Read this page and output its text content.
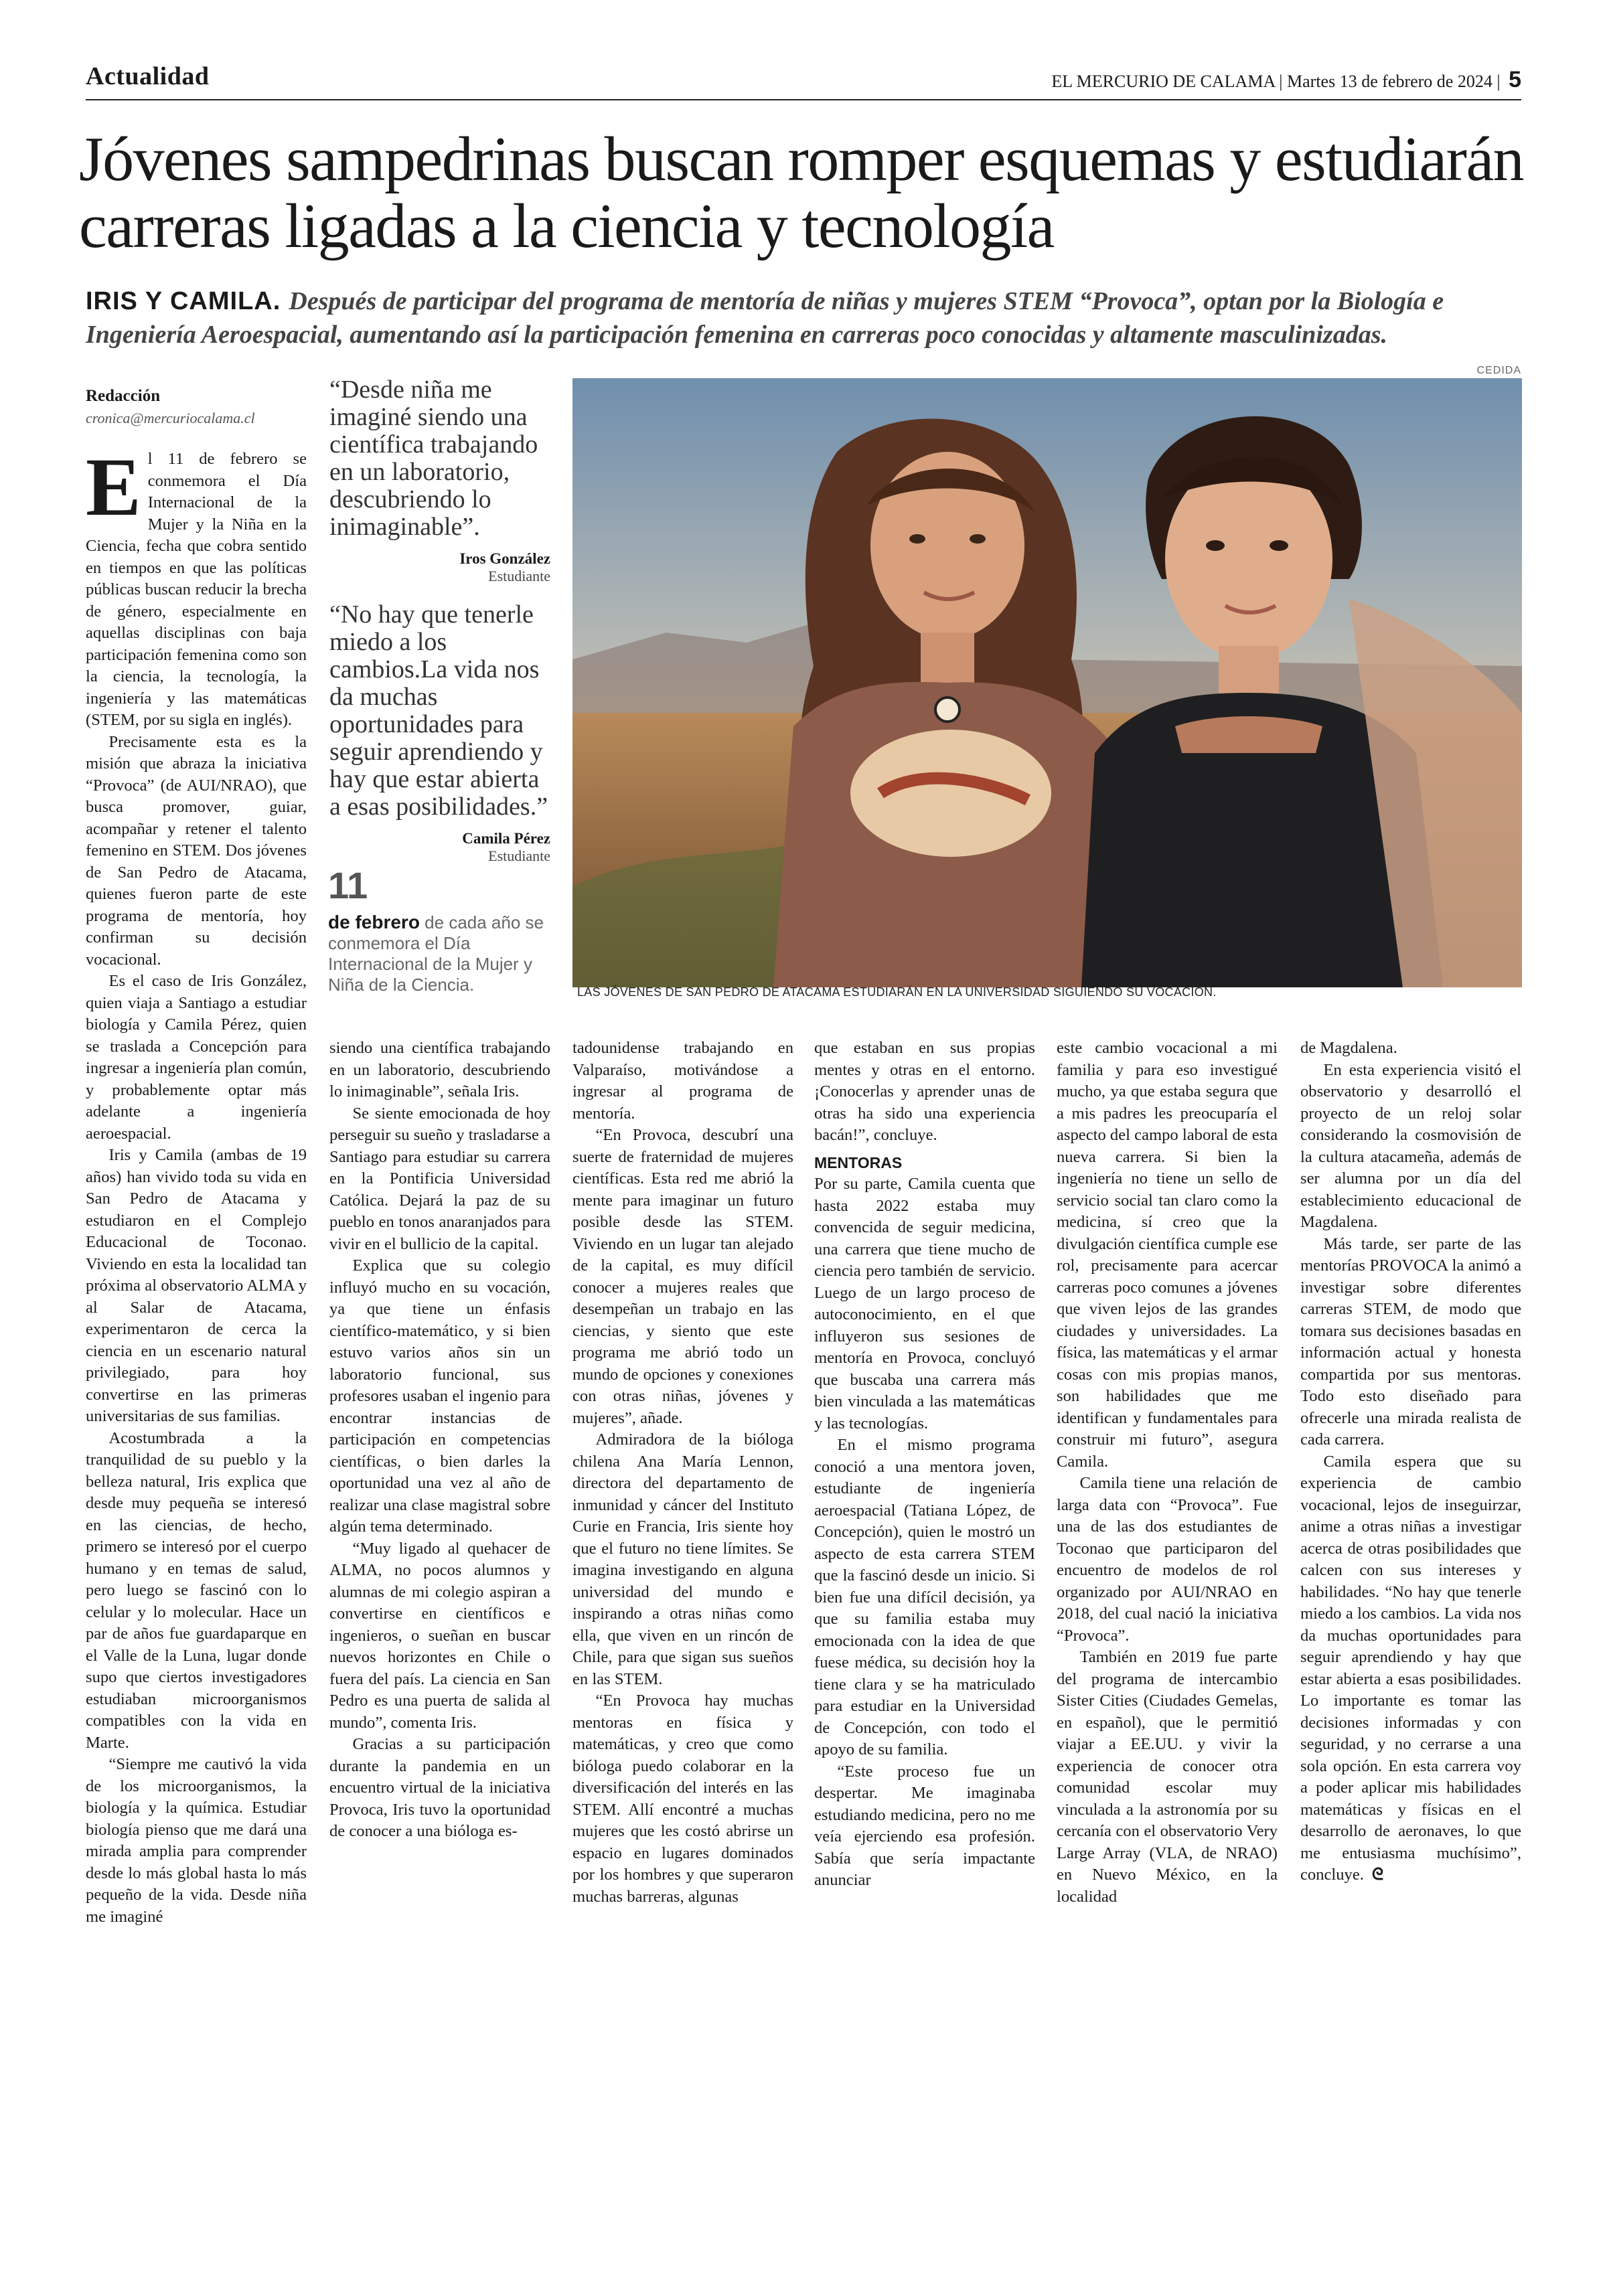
Actualidad	EL MERCURIO DE CALAMA | Martes 13 de febrero de 2024 | 5
Jóvenes sampedrinas buscan romper esquemas y estudiarán carreras ligadas a la ciencia y tecnología
IRIS Y CAMILA. Después de participar del programa de mentoría de niñas y mujeres STEM “Provoca”, optan por la Biología e Ingeniería Aeroespacial, aumentando así la participación femenina en carreras poco conocidas y altamente masculinizadas.
Redacción
cronica@mercuriocalama.cl
“Desde niña me imaginé siendo una científica trabajando en un laboratorio, descubriendo lo inimaginable”.
Iros González
Estudiante
“No hay que tenerle miedo a los cambios.La vida nos da muchas oportunidades para seguir aprendiendo y hay que estar abierta a esas posibilidades.”
Camila Pérez
Estudiante
11
de febrero de cada año se conmemora el Día Internacional de la Mujer y Niña de la Ciencia.
CEDIDA
LAS JÓVENES DE SAN PEDRO DE ATACAMA ESTUDIARÁN EN LA UNIVERSIDAD SIGUIENDO SU VOCACIÓN.

El 11 de febrero se conmemora el Día Internacional de la Mujer y la Niña en la Ciencia, fecha que cobra sentido en tiempos en que las políticas públicas buscan reducir la brecha de género, especialmente en aquellas disciplinas con baja participación femenina como son la ciencia, la tecnología, la ingeniería y las matemáticas (STEM, por su sigla en inglés).

Precisamente esta es la misión que abraza la iniciativa “Provoca” (de AUI/NRAO), que busca promover, guiar, acompañar y retener el talento femenino en STEM. Dos jóvenes de San Pedro de Atacama, quienes fueron parte de este programa de mentoría, hoy confirman su decisión vocacional.

Es el caso de Iris González, quien viaja a Santiago a estudiar biología y Camila Pérez, quien se traslada a Concepción para ingresar a ingeniería plan común, y probablemente optar más adelante a ingeniería aeroespacial.

Iris y Camila (ambas de 19 años) han vivido toda su vida en San Pedro de Atacama y estudiaron en el Complejo Educacional de Toconao. Viviendo en esta la localidad tan próxima al observatorio ALMA y al Salar de Atacama, experimentaron de cerca la ciencia en un escenario natural privilegiado, para hoy convertirse en las primeras universitarias de sus familias.

Acostumbrada a la tranquilidad de su pueblo y la belleza natural, Iris explica que desde muy pequeña se interesó en las ciencias, de hecho, primero se interesó por el cuerpo humano y en temas de salud, pero luego se fascinó con lo celular y lo molecular. Hace un par de años fue guardaparque en el Valle de la Luna, lugar donde supo que ciertos investigadores estudiaban microorganismos compatibles con la vida en Marte.

“Siempre me cautivó la vida de los microorganismos, la biología y la química. Estudiar biología pienso que me dará una mirada amplia para comprender desde lo más global hasta lo más pequeño de la vida. Desde niña me imaginé

siendo una científica trabajando en un laboratorio, descubriendo lo inimaginable”, señala Iris.

Se siente emocionada de hoy perseguir su sueño y trasladarse a Santiago para estudiar su carrera en la Pontificia Universidad Católica. Dejará la paz de su pueblo en tonos anaranjados para vivir en el bullicio de la capital.

Explica que su colegio influyó mucho en su vocación, ya que tiene un énfasis científico-matemático, y si bien estuvo varios años sin un laboratorio funcional, sus profesores usaban el ingenio para encontrar instancias de participación en competencias científicas, o bien darles la oportunidad una vez al año de realizar una clase magistral sobre algún tema determinado.

“Muy ligado al quehacer de ALMA, no pocos alumnos y alumnas de mi colegio aspiran a convertirse en científicos e ingenieros, o sueñan en buscar nuevos horizontes en Chile o fuera del país. La ciencia en San Pedro es una puerta de salida al mundo”, comenta Iris.

Gracias a su participación durante la pandemia en un encuentro virtual de la iniciativa Provoca, Iris tuvo la oportunidad de conocer a una bióloga es-

tadounidense trabajando en Valparaíso, motivándose a ingresar al programa de mentoría.

“En Provoca, descubrí una suerte de fraternidad de mujeres científicas. Esta red me abrió la mente para imaginar un futuro posible desde las STEM. Viviendo en un lugar tan alejado de la capital, es muy difícil conocer a mujeres reales que desempeñan un trabajo en las ciencias, y siento que este programa me abrió todo un mundo de opciones y conexiones con otras niñas, jóvenes y mujeres”, añade.

Admiradora de la bióloga chilena Ana María Lennon, directora del departamento de inmunidad y cáncer del Instituto Curie en Francia, Iris siente hoy que el futuro no tiene límites. Se imagina investigando en alguna universidad del mundo e inspirando a otras niñas como ella, que viven en un rincón de Chile, para que sigan sus sueños en las STEM.

“En Provoca hay muchas mentoras en física y matemáticas, y creo que como bióloga puedo colaborar en la diversificación del interés en las STEM. Allí encontré a muchas mujeres que les costó abrirse un espacio en lugares dominados por los hombres y que superaron muchas barreras, algunas

que estaban en sus propias mentes y otras en el entorno. ¡Conocerlas y aprender unas de otras ha sido una experiencia bacán!”, concluye.

MENTORAS

Por su parte, Camila cuenta que hasta 2022 estaba muy convencida de seguir medicina, una carrera que tiene mucho de ciencia pero también de servicio. Luego de un largo proceso de autoconocimiento, en el que influyeron sus sesiones de mentoría en Provoca, concluyó que buscaba una carrera más bien vinculada a las matemáticas y las tecnologías.

En el mismo programa conoció a una mentora joven, estudiante de ingeniería aeroespacial (Tatiana López, de Concepción), quien le mostró un aspecto de esta carrera STEM que la fascinó desde un inicio. Si bien fue una difícil decisión, ya que su familia estaba muy emocionada con la idea de que fuese médica, su decisión hoy la tiene clara y se ha matriculado para estudiar en la Universidad de Concepción, con todo el apoyo de su familia.

“Este proceso fue un despertar. Me imaginaba estudiando medicina, pero no me veía ejerciendo esa profesión. Sabía que sería impactante anunciar

este cambio vocacional a mi familia y para eso investigué mucho, ya que estaba segura que a mis padres les preocuparía el aspecto del campo laboral de esta nueva carrera. Si bien la ingeniería no tiene un sello de servicio social tan claro como la medicina, sí creo que la divulgación científica cumple ese rol, precisamente para acercar carreras poco comunes a jóvenes que viven lejos de las grandes ciudades y universidades. La física, las matemáticas y el armar cosas con mis propias manos, son habilidades que me identifican y fundamentales para construir mi futuro”, asegura Camila.

Camila tiene una relación de larga data con “Provoca”. Fue una de las dos estudiantes de Toconao que participaron del encuentro de modelos de rol organizado por AUI/NRAO en 2018, del cual nació la iniciativa “Provoca”.

También en 2019 fue parte del programa de intercambio Sister Cities (Ciudades Gemelas, en español), que le permitió viajar a EE.UU. y vivir la experiencia de conocer otra comunidad escolar muy vinculada a la astronomía por su cercanía con el observatorio Very Large Array (VLA, de NRAO) en Nuevo México, en la localidad

de Magdalena.

En esta experiencia visitó el observatorio y desarrolló el proyecto de un reloj solar considerando la cosmovisión de la cultura atacameña, además de ser alumna por un día del establecimiento educacional de Magdalena.

Más tarde, ser parte de las mentorías PROVOCA la animó a investigar sobre diferentes carreras STEM, de modo que tomara sus decisiones basadas en información actual y honesta compartida por sus mentoras. Todo esto diseñado para ofrecerle una mirada realista de cada carrera.

Camila espera que su experiencia de cambio vocacional, lejos de inseguirzar, anime a otras niñas a investigar acerca de otras posibilidades que calcen con sus intereses y habilidades. “No hay que tenerle miedo a los cambios. La vida nos da muchas oportunidades para seguir aprendiendo y hay que estar abierta a esas posibilidades. Lo importante es tomar las decisiones informadas y con seguridad, y no cerrarse a una sola opción. En esta carrera voy a poder aplicar mis habilidades matemáticas y físicas en el desarrollo de aeronaves, lo que me entusiasma muchísimo”, concluye. ᘓ
